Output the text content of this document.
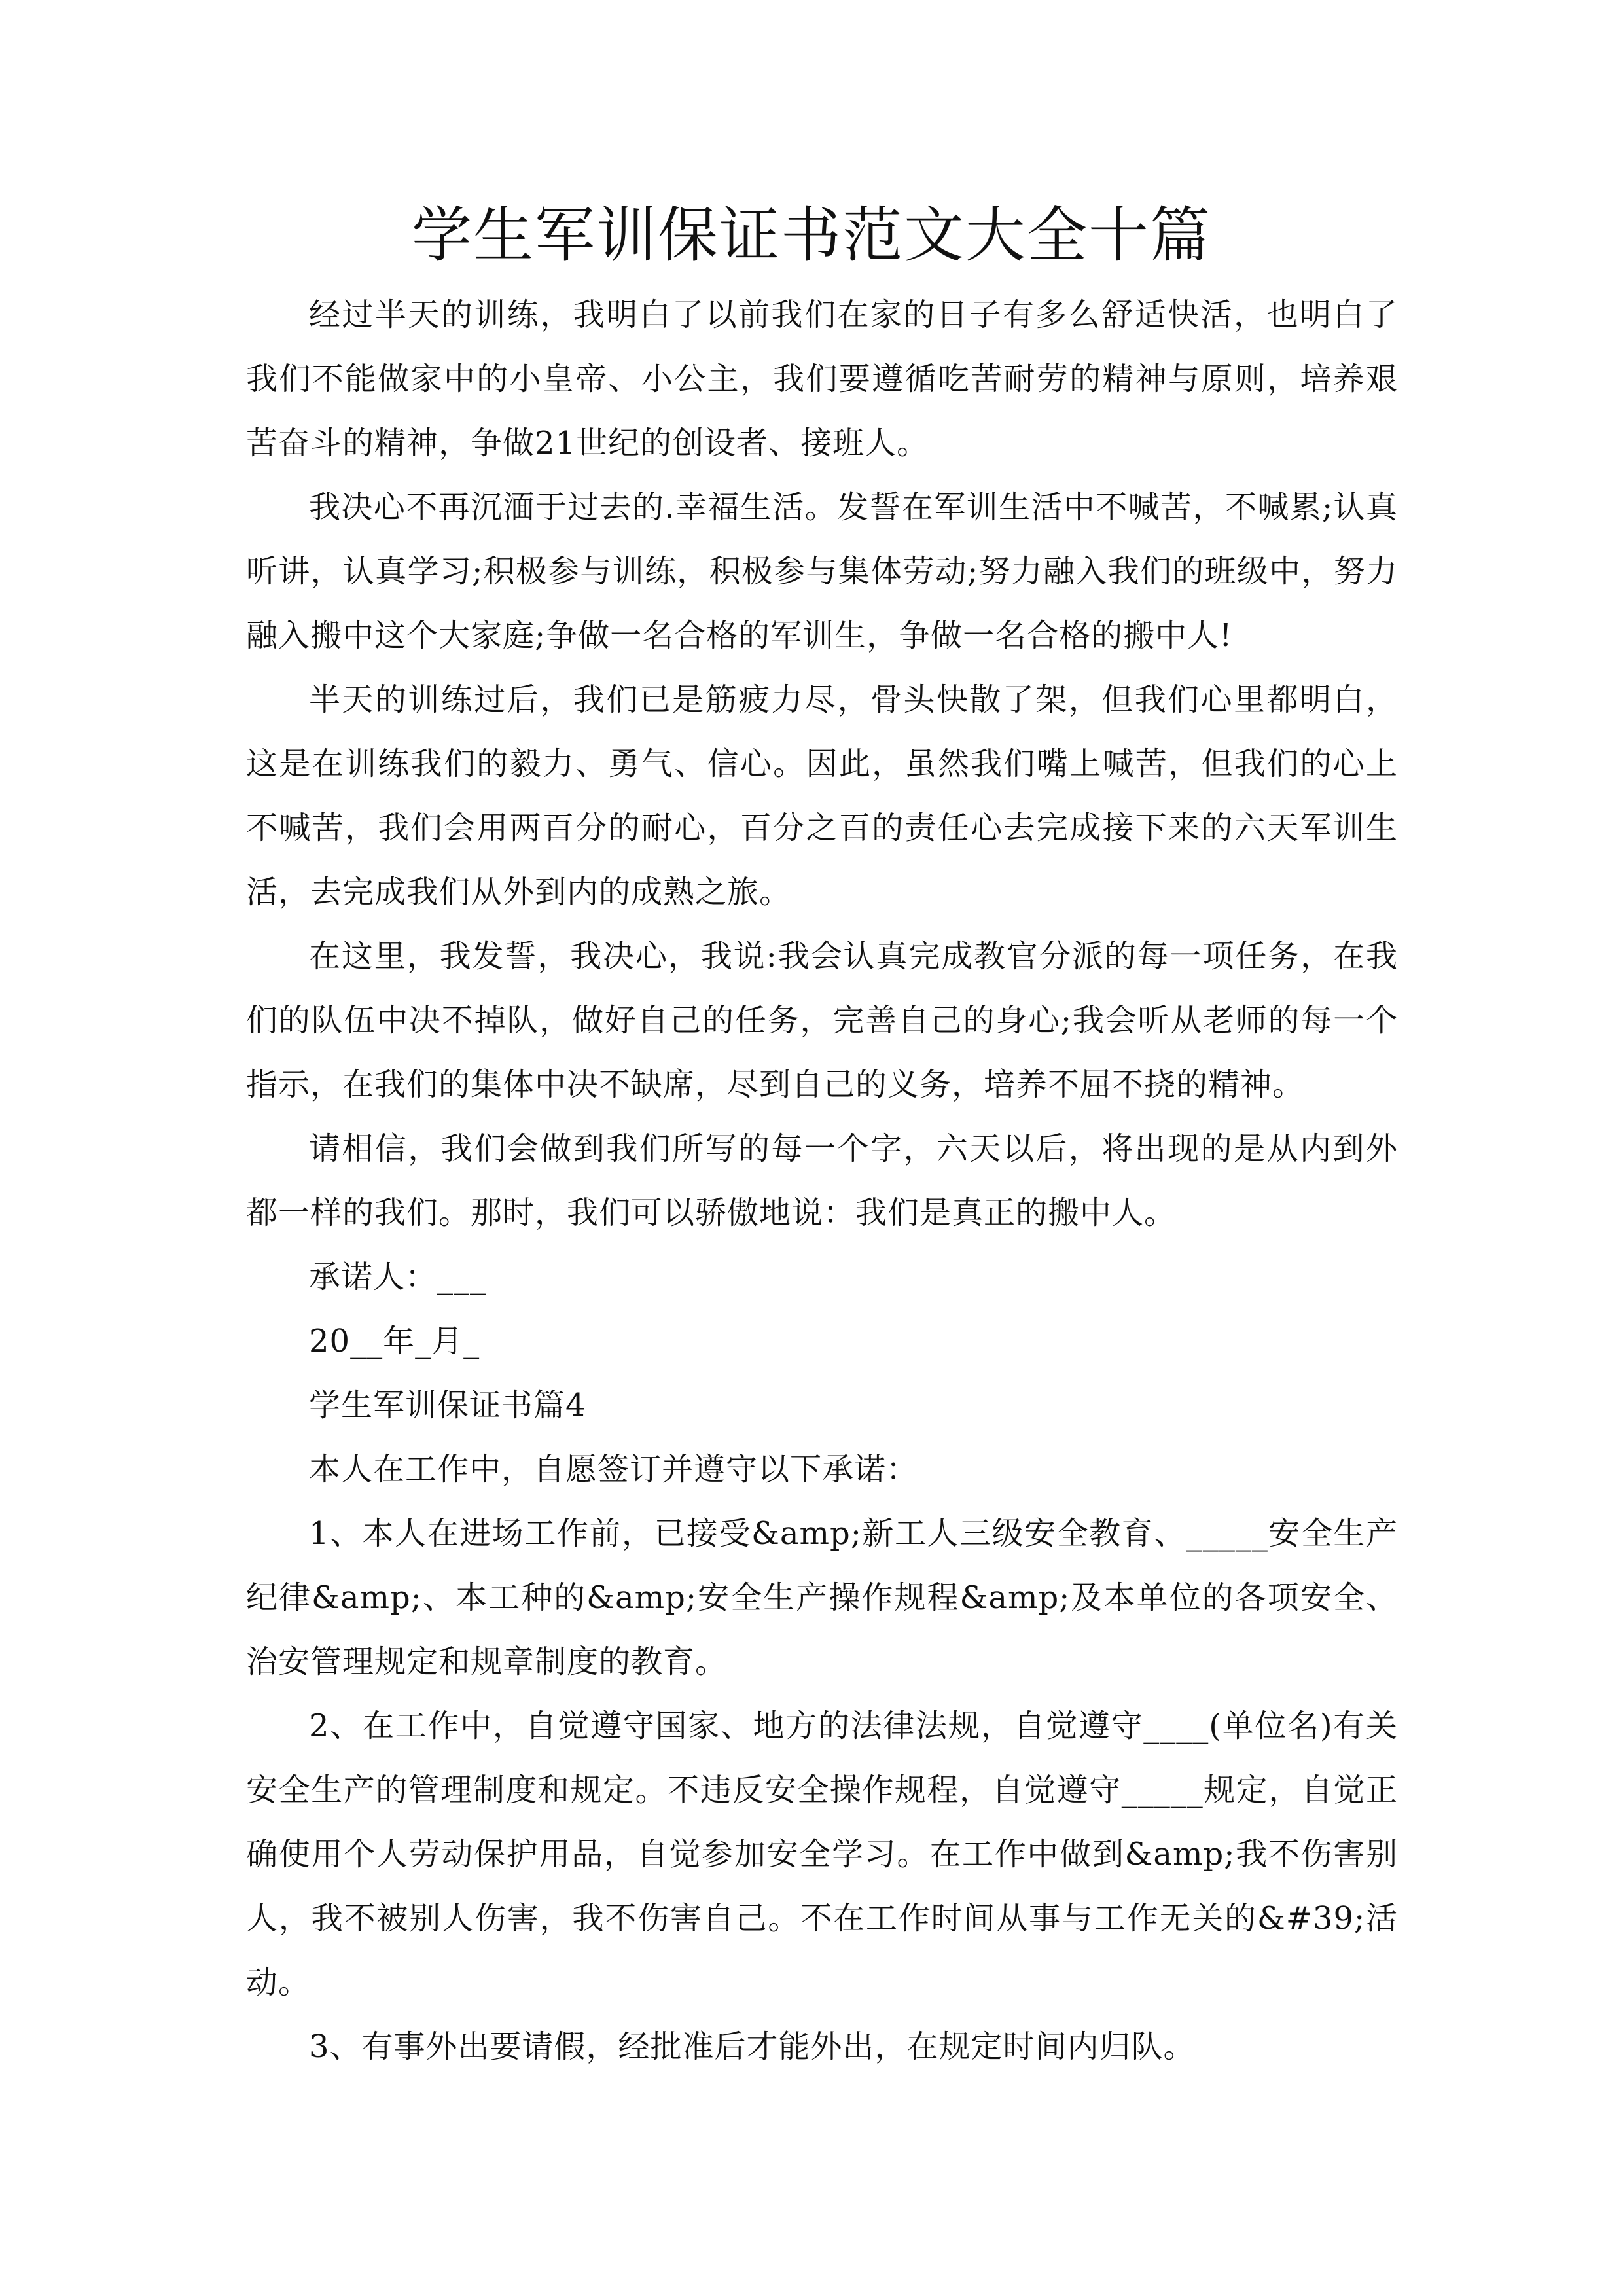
学生军训保证书范文大全十篇

经过半天的训练，我明白了以前我们在家的日子有多么舒适快活，也明白了我们不能做家中的小皇帝、小公主，我们要遵循吃苦耐劳的精神与原则，培养艰苦奋斗的精神，争做21世纪的创设者、接班人。

我决心不再沉湎于过去的.幸福生活。发誓在军训生活中不喊苦，不喊累;认真听讲，认真学习;积极参与训练，积极参与集体劳动;努力融入我们的班级中，努力融入搬中这个大家庭;争做一名合格的军训生，争做一名合格的搬中人!

半天的训练过后，我们已是筋疲力尽，骨头快散了架，但我们心里都明白，这是在训练我们的毅力、勇气、信心。因此，虽然我们嘴上喊苦，但我们的心上不喊苦，我们会用两百分的耐心，百分之百的责任心去完成接下来的六天军训生活，去完成我们从外到内的成熟之旅。

在这里，我发誓，我决心，我说:我会认真完成教官分派的每一项任务，在我们的队伍中决不掉队，做好自己的任务，完善自己的身心;我会听从老师的每一个指示，在我们的集体中决不缺席，尽到自己的义务，培养不屈不挠的精神。

请相信，我们会做到我们所写的每一个字，六天以后，将出现的是从内到外都一样的我们。那时，我们可以骄傲地说：我们是真正的搬中人。

承诺人：___

20__年_月_

学生军训保证书篇4

本人在工作中，自愿签订并遵守以下承诺：

1、本人在进场工作前，已接受&amp;新工人三级安全教育、_____安全生产纪律&amp;、本工种的&amp;安全生产操作规程&amp;及本单位的各项安全、治安管理规定和规章制度的教育。

2、在工作中，自觉遵守国家、地方的法律法规，自觉遵守____(单位名)有关安全生产的管理制度和规定。不违反安全操作规程，自觉遵守_____规定，自觉正确使用个人劳动保护用品，自觉参加安全学习。在工作中做到&amp;我不伤害别人，我不被别人伤害，我不伤害自己。不在工作时间从事与工作无关的&#39;活动。

3、有事外出要请假，经批准后才能外出，在规定时间内归队。
